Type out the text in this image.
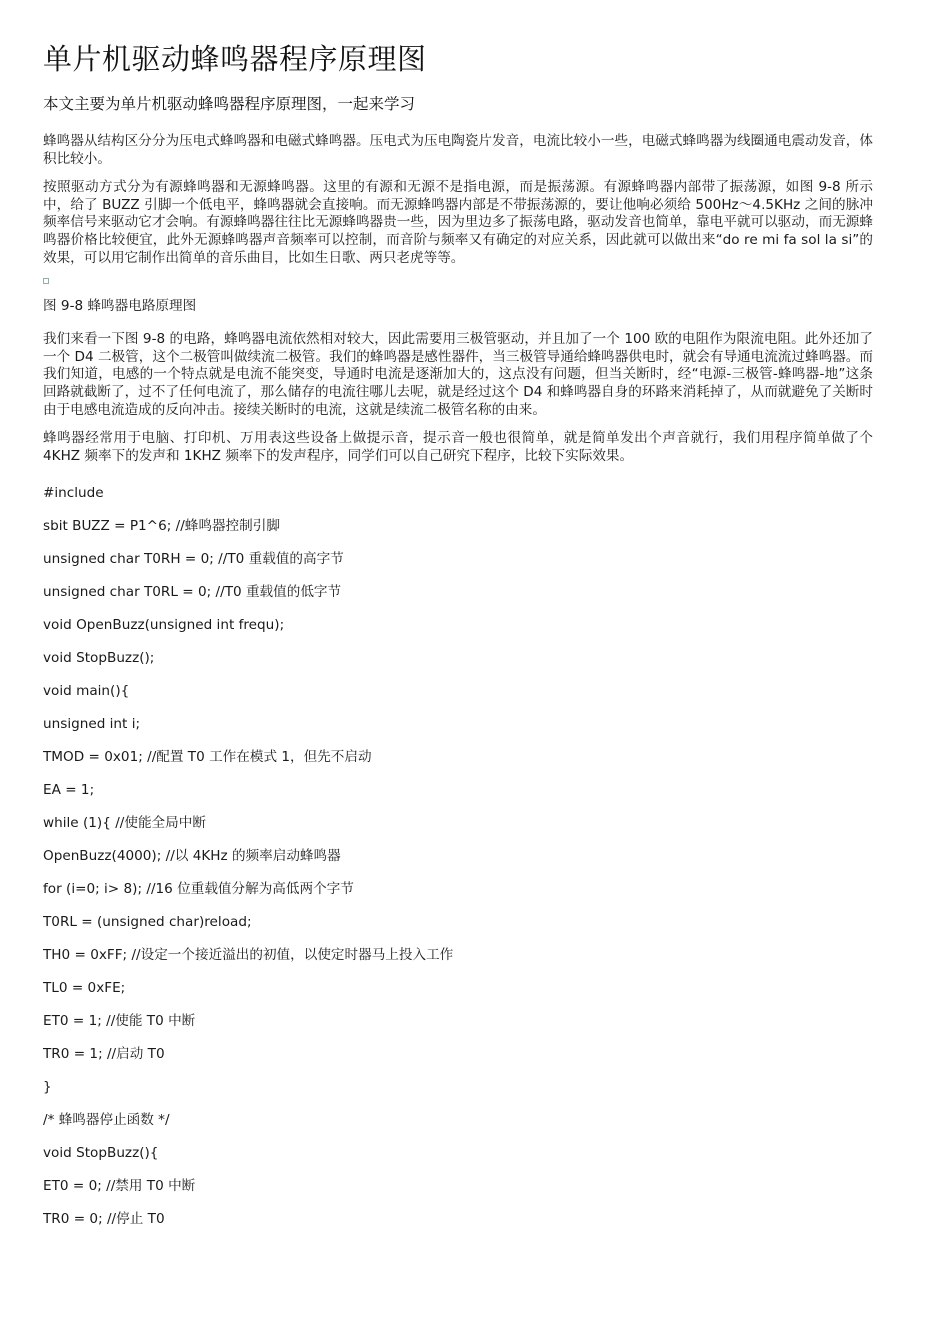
单片机驱动蜂鸣器程序原理图

本文主要为单片机驱动蜂鸣器程序原理图，一起来学习

蜂鸣器从结构区分分为压电式蜂鸣器和电磁式蜂鸣器。压电式为压电陶瓷片发音，电流比较小一些，电磁式蜂鸣器为线圈通电震动发音，体积比较小。

按照驱动方式分为有源蜂鸣器和无源蜂鸣器。这里的有源和无源不是指电源，而是振荡源。有源蜂鸣器内部带了振荡源，如图 9-8 所示中，给了 BUZZ 引脚一个低电平，蜂鸣器就会直接响。而无源蜂鸣器内部是不带振荡源的，要让他响必须给 500Hz～4.5KHz 之间的脉冲频率信号来驱动它才会响。有源蜂鸣器往往比无源蜂鸣器贵一些，因为里边多了振荡电路，驱动发音也简单，靠电平就可以驱动，而无源蜂鸣器价格比较便宜，此外无源蜂鸣器声音频率可以控制，而音阶与频率又有确定的对应关系，因此就可以做出来“do re mi fa sol la si”的效果，可以用它制作出简单的音乐曲目，比如生日歌、两只老虎等等。

图 9-8 蜂鸣器电路原理图

我们来看一下图 9-8 的电路，蜂鸣器电流依然相对较大，因此需要用三极管驱动，并且加了一个 100 欧的电阻作为限流电阻。此外还加了一个 D4 二极管，这个二极管叫做续流二极管。我们的蜂鸣器是感性器件，当三极管导通给蜂鸣器供电时，就会有导通电流流过蜂鸣器。而我们知道，电感的一个特点就是电流不能突变，导通时电流是逐渐加大的，这点没有问题，但当关断时，经“电源-三极管-蜂鸣器-地”这条回路就截断了，过不了任何电流了，那么储存的电流往哪儿去呢，就是经过这个 D4 和蜂鸣器自身的环路来消耗掉了，从而就避免了关断时由于电感电流造成的反向冲击。接续关断时的电流，这就是续流二极管名称的由来。

蜂鸣器经常用于电脑、打印机、万用表这些设备上做提示音，提示音一般也很简单，就是简单发出个声音就行，我们用程序简单做了个 4KHZ 频率下的发声和 1KHZ 频率下的发声程序，同学们可以自己研究下程序，比较下实际效果。

#include
sbit BUZZ = P1^6; //蜂鸣器控制引脚
unsigned char T0RH = 0; //T0 重载值的高字节
unsigned char T0RL = 0; //T0 重载值的低字节
void OpenBuzz(unsigned int frequ);
void StopBuzz();
void main(){
unsigned int i;
TMOD = 0x01; //配置 T0 工作在模式 1，但先不启动
EA = 1;
while (1){ //使能全局中断
OpenBuzz(4000); //以 4KHz 的频率启动蜂鸣器
for (i=0; i> 8); //16 位重载值分解为高低两个字节
T0RL = (unsigned char)reload;
TH0 = 0xFF; //设定一个接近溢出的初值，以使定时器马上投入工作
TL0 = 0xFE;
ET0 = 1; //使能 T0 中断
TR0 = 1; //启动 T0
}
/* 蜂鸣器停止函数 */
void StopBuzz(){
ET0 = 0; //禁用 T0 中断
TR0 = 0; //停止 T0
